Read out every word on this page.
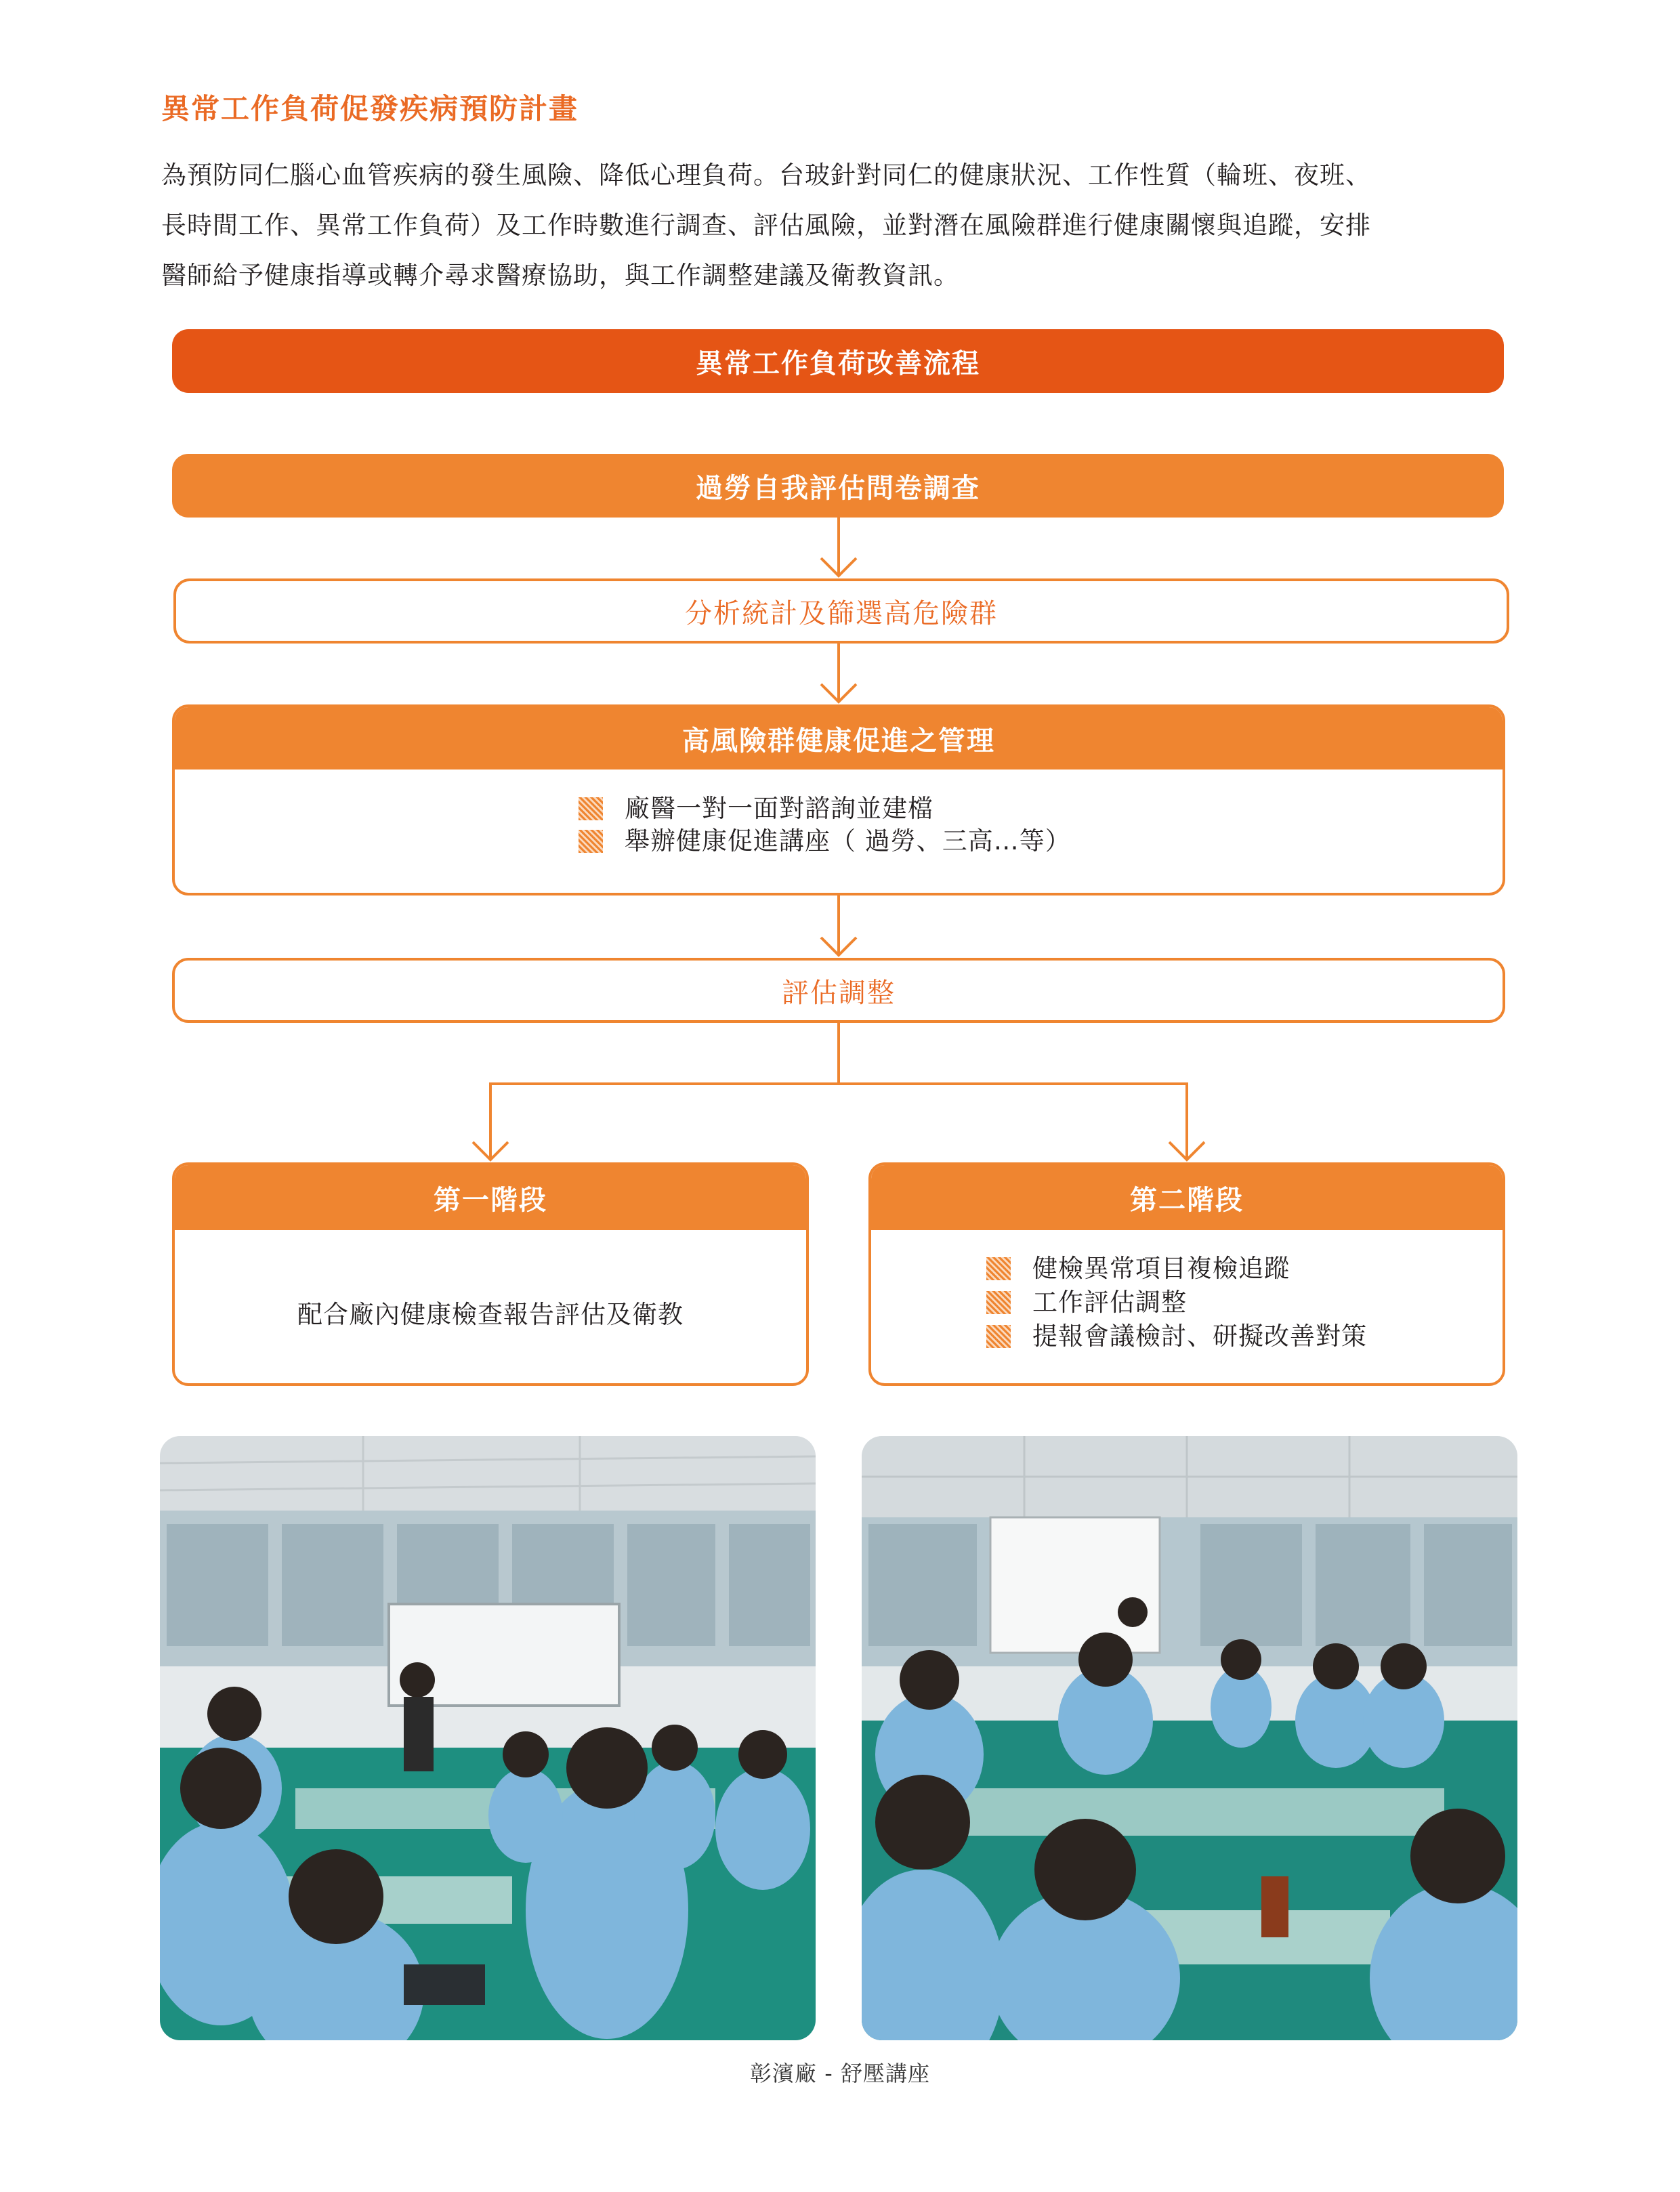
異常工作負荷促發疾病預防計畫
為預防同仁腦心血管疾病的發生風險、降低心理負荷。台玻針對同仁的健康狀況、工作性質（輪班、夜班、
長時間工作、異常工作負荷）及工作時數進行調查、評估風險，並對潛在風險群進行健康關懷與追蹤，安排
醫師給予健康指導或轉介尋求醫療協助，與工作調整建議及衛教資訊。
異常工作負荷改善流程
過勞自我評估問卷調查
分析統計及篩選高危險群
高風險群健康促進之管理
廠醫一對一面對諮詢並建檔
舉辦健康促進講座（ 過勞、三高…等）
評估調整
第一階段
配合廠內健康檢查報告評估及衛教
第二階段
健檢異常項目複檢追蹤
工作評估調整
提報會議檢討、研擬改善對策
彰濱廠 - 舒壓講座
